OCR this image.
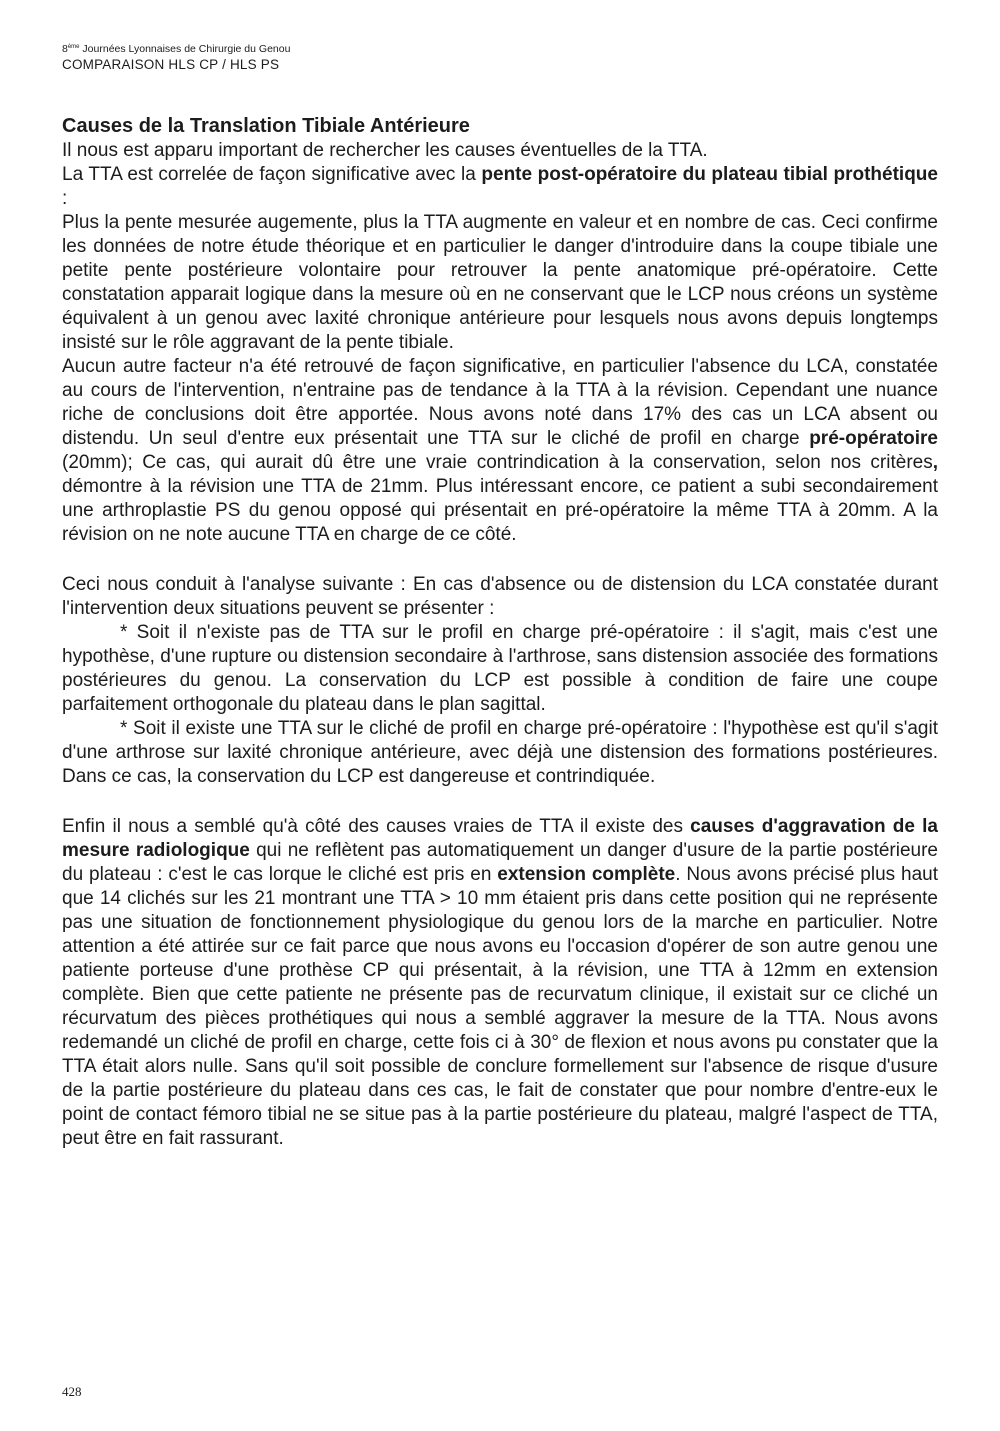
8ème Journées Lyonnaises de Chirurgie du Genou
COMPARAISON HLS CP / HLS PS
Causes de la Translation Tibiale Antérieure

Il nous est apparu important de rechercher les causes éventuelles de la TTA.

La TTA est correlée de façon significative avec la pente post-opératoire du plateau tibial prothétique :

Plus la pente mesurée augemente, plus la TTA augmente en valeur et en nombre de cas. Ceci confirme les données de notre étude théorique et en particulier le danger d'introduire dans la coupe tibiale une petite pente postérieure volontaire pour retrouver la pente anatomique pré-opératoire. Cette constatation apparait logique dans la mesure où en ne conservant que le LCP nous créons un système équivalent à un genou avec laxité chronique antérieure pour lesquels nous avons depuis longtemps insisté sur le rôle aggravant de la pente tibiale.

Aucun autre facteur n'a été retrouvé de façon significative, en particulier l'absence du LCA, constatée au cours de l'intervention, n'entraine pas de tendance à la TTA à la révision. Cependant une nuance riche de conclusions doit être apportée. Nous avons noté dans 17% des cas un LCA absent ou distendu. Un seul d'entre eux présentait une TTA sur le cliché de profil en charge pré-opératoire (20mm); Ce cas, qui aurait dû être une vraie contrindication à la conservation, selon nos critères, démontre à la révision une TTA de 21mm. Plus intéressant encore, ce patient a subi secondairement une arthroplastie PS du genou opposé qui présentait en pré-opératoire la même TTA à 20mm. A la révision on ne note aucune TTA en charge de ce côté.

Ceci nous conduit à l'analyse suivante : En cas d'absence ou de distension du LCA constatée durant l'intervention deux situations peuvent se présenter :

* Soit il n'existe pas de TTA sur le profil en charge pré-opératoire : il s'agit, mais c'est une hypothèse, d'une rupture ou distension secondaire à l'arthrose, sans distension associée des formations postérieures du genou. La conservation du LCP est possible à condition de faire une coupe parfaitement orthogonale du plateau dans le plan sagittal.

* Soit il existe une TTA sur le cliché de profil en charge pré-opératoire : l'hypothèse est qu'il s'agit d'une arthrose sur laxité chronique antérieure, avec déjà une distension des formations postérieures. Dans ce cas, la conservation du LCP est dangereuse et contrindiquée.

Enfin il nous a semblé qu'à côté des causes vraies de TTA il existe des causes d'aggravation de la mesure radiologique qui ne reflètent pas automatiquement un danger d'usure de la partie postérieure du plateau : c'est le cas lorque le cliché est pris en extension complète. Nous avons précisé plus haut que 14 clichés sur les 21 montrant une TTA > 10 mm étaient pris dans cette position qui ne représente pas une situation de fonctionnement physiologique du genou lors de la marche en particulier. Notre attention a été attirée sur ce fait parce que nous avons eu l'occasion d'opérer de son autre genou une patiente porteuse d'une prothèse CP qui présentait, à la révision, une TTA à 12mm en extension complète. Bien que cette patiente ne présente pas de recurvatum clinique, il existait sur ce cliché un récurvatum des pièces prothétiques qui nous a semblé aggraver la mesure de la TTA. Nous avons redemandé un cliché de profil en charge, cette fois ci à 30° de flexion et nous avons pu constater que la TTA était alors nulle. Sans qu'il soit possible de conclure formellement sur l'absence de risque d'usure de la partie postérieure du plateau dans ces cas, le fait de constater que pour nombre d'entre-eux le point de contact fémoro tibial ne se situe pas à la partie postérieure du plateau, malgré l'aspect de TTA, peut être en fait rassurant.

428
